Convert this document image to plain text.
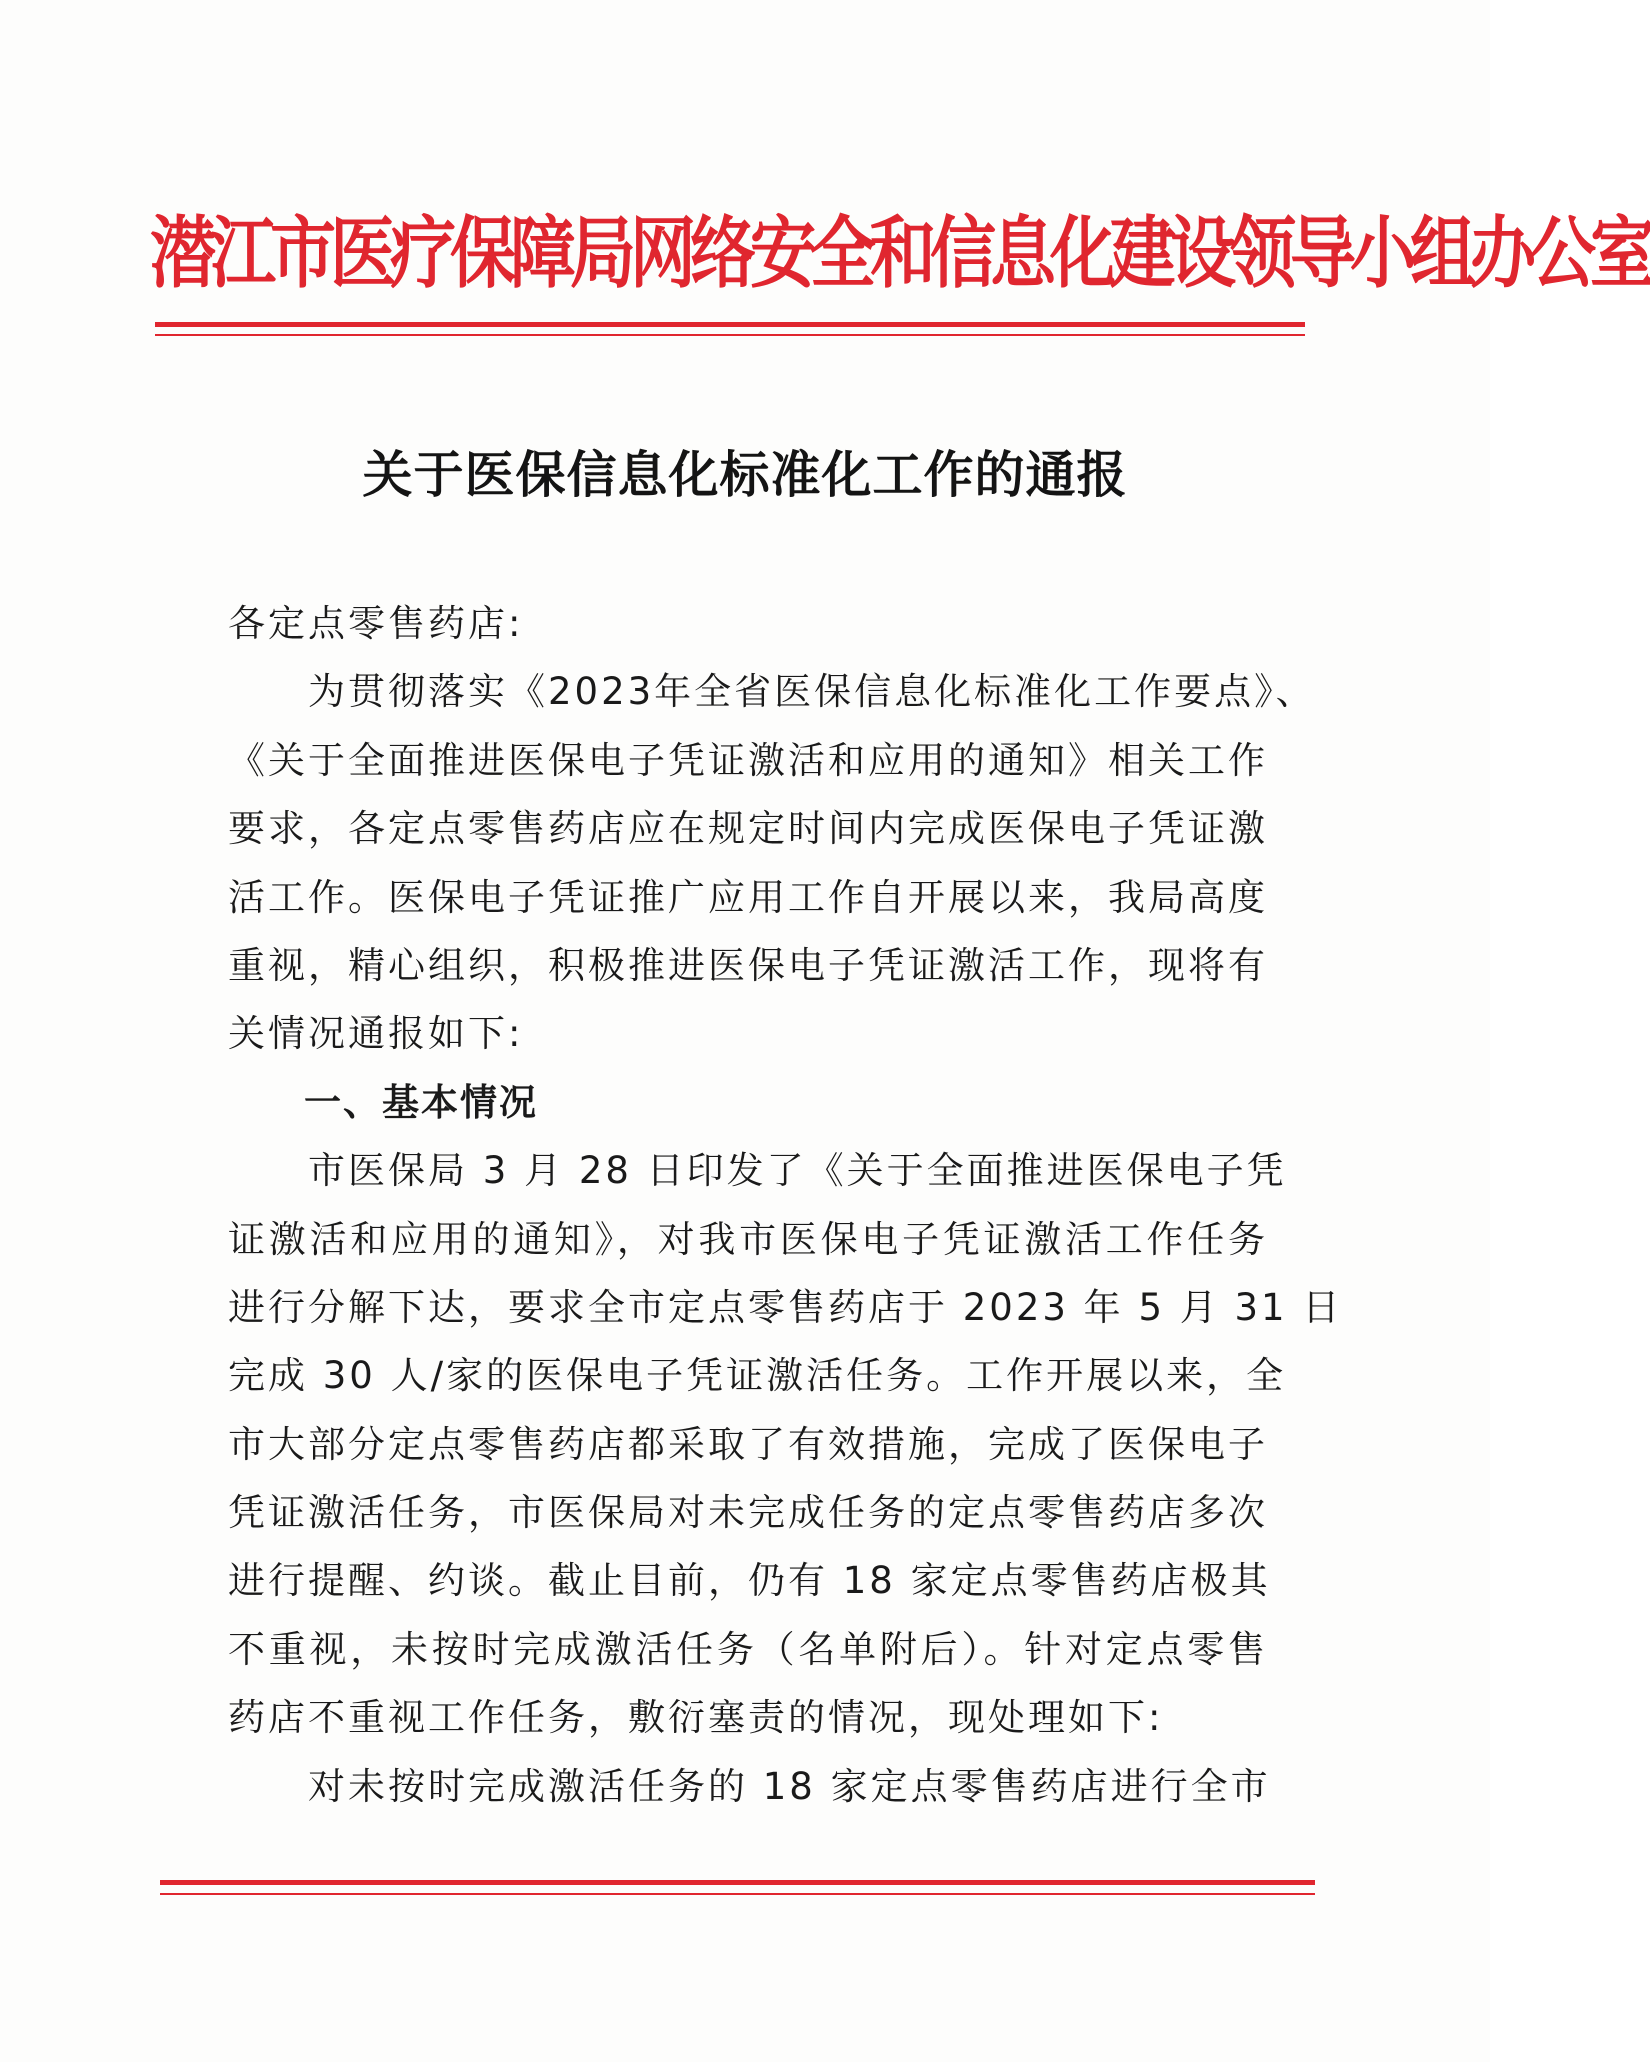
潜江市医疗保障局网络安全和信息化建设领导小组办公室
关于医保信息化标准化工作的通报
各定点零售药店:
为贯彻落实《2023年全省医保信息化标准化工作要点》、
《关于全面推进医保电子凭证激活和应用的通知》相关工作
要求，各定点零售药店应在规定时间内完成医保电子凭证激
活工作。医保电子凭证推广应用工作自开展以来，我局高度
重视，精心组织，积极推进医保电子凭证激活工作，现将有
关情况通报如下:
一、基本情况
市医保局 3 月 28 日印发了《关于全面推进医保电子凭
证激活和应用的通知》，对我市医保电子凭证激活工作任务
进行分解下达，要求全市定点零售药店于 2023 年 5 月 31 日
完成 30 人/家的医保电子凭证激活任务。工作开展以来，全
市大部分定点零售药店都采取了有效措施，完成了医保电子
凭证激活任务，市医保局对未完成任务的定点零售药店多次
进行提醒、约谈。截止目前，仍有 18 家定点零售药店极其
不重视，未按时完成激活任务（名单附后）。针对定点零售
药店不重视工作任务，敷衍塞责的情况，现处理如下:
对未按时完成激活任务的 18 家定点零售药店进行全市
